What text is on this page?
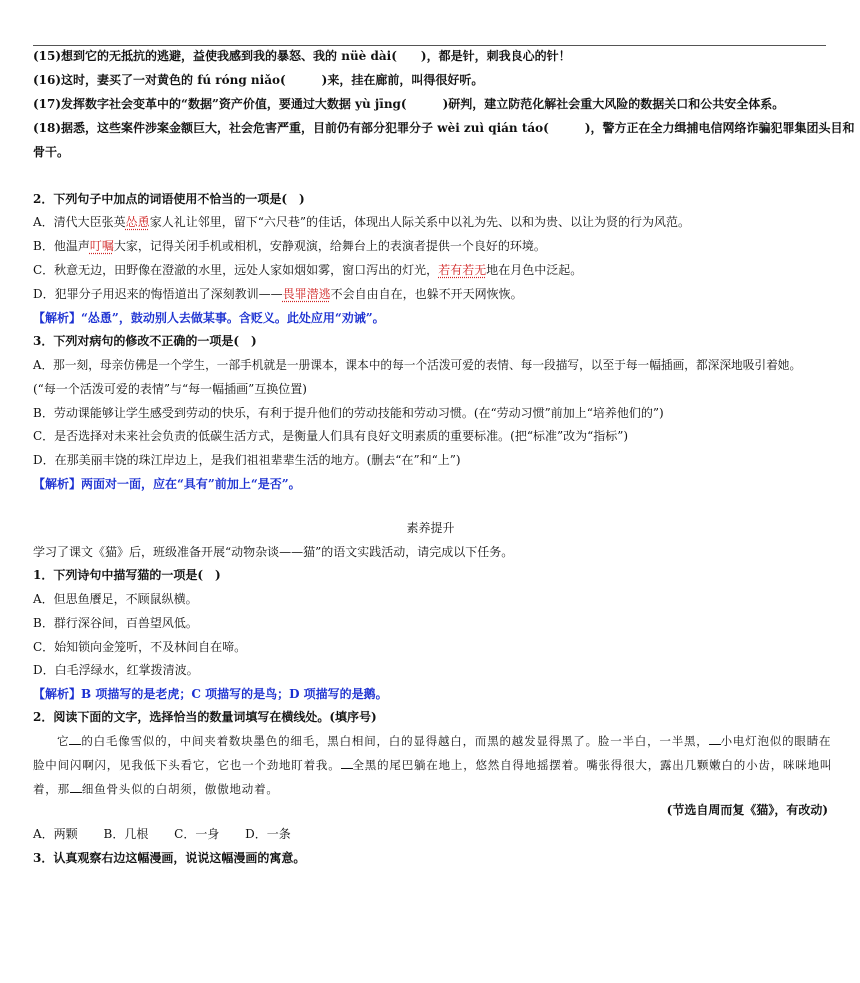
(15)想到它的无抵抗的逃避，益使我感到我的暴怒、我的 nüè dài(　　)，都是针，刺我良心的针！
(16)这时，妻买了一对黄色的 fú róng niǎo(　　　)来，挂在廊前，叫得很好听。
(17)发挥数字社会变革中的“数据”资产价值，要通过大数据 yù jīng(　　　)研判，建立防范化解社会重大风险的数据关口和公共安全体系。
(18)据悉，这些案件涉案金额巨大，社会危害严重，目前仍有部分犯罪分子 wèi zuì qián táo(　　　)，警方正在全力缉捕电信网络诈骗犯罪集团头目和
骨干。
2．下列句子中加点的词语使用不恰当的一项是(　)
A．清代大臣张英怂恿家人礼让邻里，留下“六尺巷”的佳话，体现出人际关系中以礼为先、以和为贵、以让为贤的行为风范。
B．他温声叮嘱大家，记得关闭手机或相机，安静观演，给舞台上的表演者提供一个良好的环境。
C．秋意无边，田野像在澄澈的水里，远处人家如烟如雾，窗口泻出的灯光，若有若无地在月色中泛起。
D．犯罪分子用迟来的悔悟道出了深刻教训——畏罪潜逃不会自由自在，也躲不开天网恢恢。
【解析】“怂恿”，鼓动别人去做某事。含贬义。此处应用“劝诫”。
3．下列对病句的修改不正确的一项是(　)
A．那一刻，母亲仿佛是一个学生，一部手机就是一册课本，课本中的每一个活泼可爱的表情、每一段描写，以至于每一幅插画，都深深地吸引着她。
(“每一个活泼可爱的表情”与“每一幅插画”互换位置)
B．劳动课能够让学生感受到劳动的快乐，有利于提升他们的劳动技能和劳动习惯。(在“劳动习惯”前加上“培养他们的”)
C．是否选择对未来社会负责的低碳生活方式，是衡量人们具有良好文明素质的重要标准。(把“标准”改为“指标”)
D．在那美丽丰饶的珠江岸边上，是我们祖祖辈辈生活的地方。(删去“在”和“上”)
【解析】两面对一面，应在“具有”前加上“是否”。
素养提升
学习了课文《猫》后，班级准备开展“动物杂谈——猫”的语文实践活动，请完成以下任务。
1．下列诗句中描写猫的一项是(　)
A．但思鱼餍足，不顾鼠纵横。
B．群行深谷间，百兽望风低。
C．始知锁向金笼听，不及林间自在啼。
D．白毛浮绿水，红掌拨清波。
【解析】B 项描写的是老虎；C 项描写的是鸟；D 项描写的是鹅。
2．阅读下面的文字，选择恰当的数量词填写在横线处。(填序号)
它 的白毛像雪似的，中间夹着数块墨色的细毛，黑白相间，白的显得越白，而黑的越发显得黑了。脸一半白，一半黑， 小电灯泡似的眼睛在
脸中间闪啊闪，见我低下头看它，它也一个劲地盯着我。 全黑的尾巴躺在地上，悠然自得地摇摆着。嘴张得很大，露出几颗嫩白的小齿，咪咪地叫
着，那 细鱼骨头似的白胡须，傲傲地动着。
(节选自周而复《猫》，有改动)
A．两颗 B．几根 C．一身 D．一条
3．认真观察右边这幅漫画，说说这幅漫画的寓意。
